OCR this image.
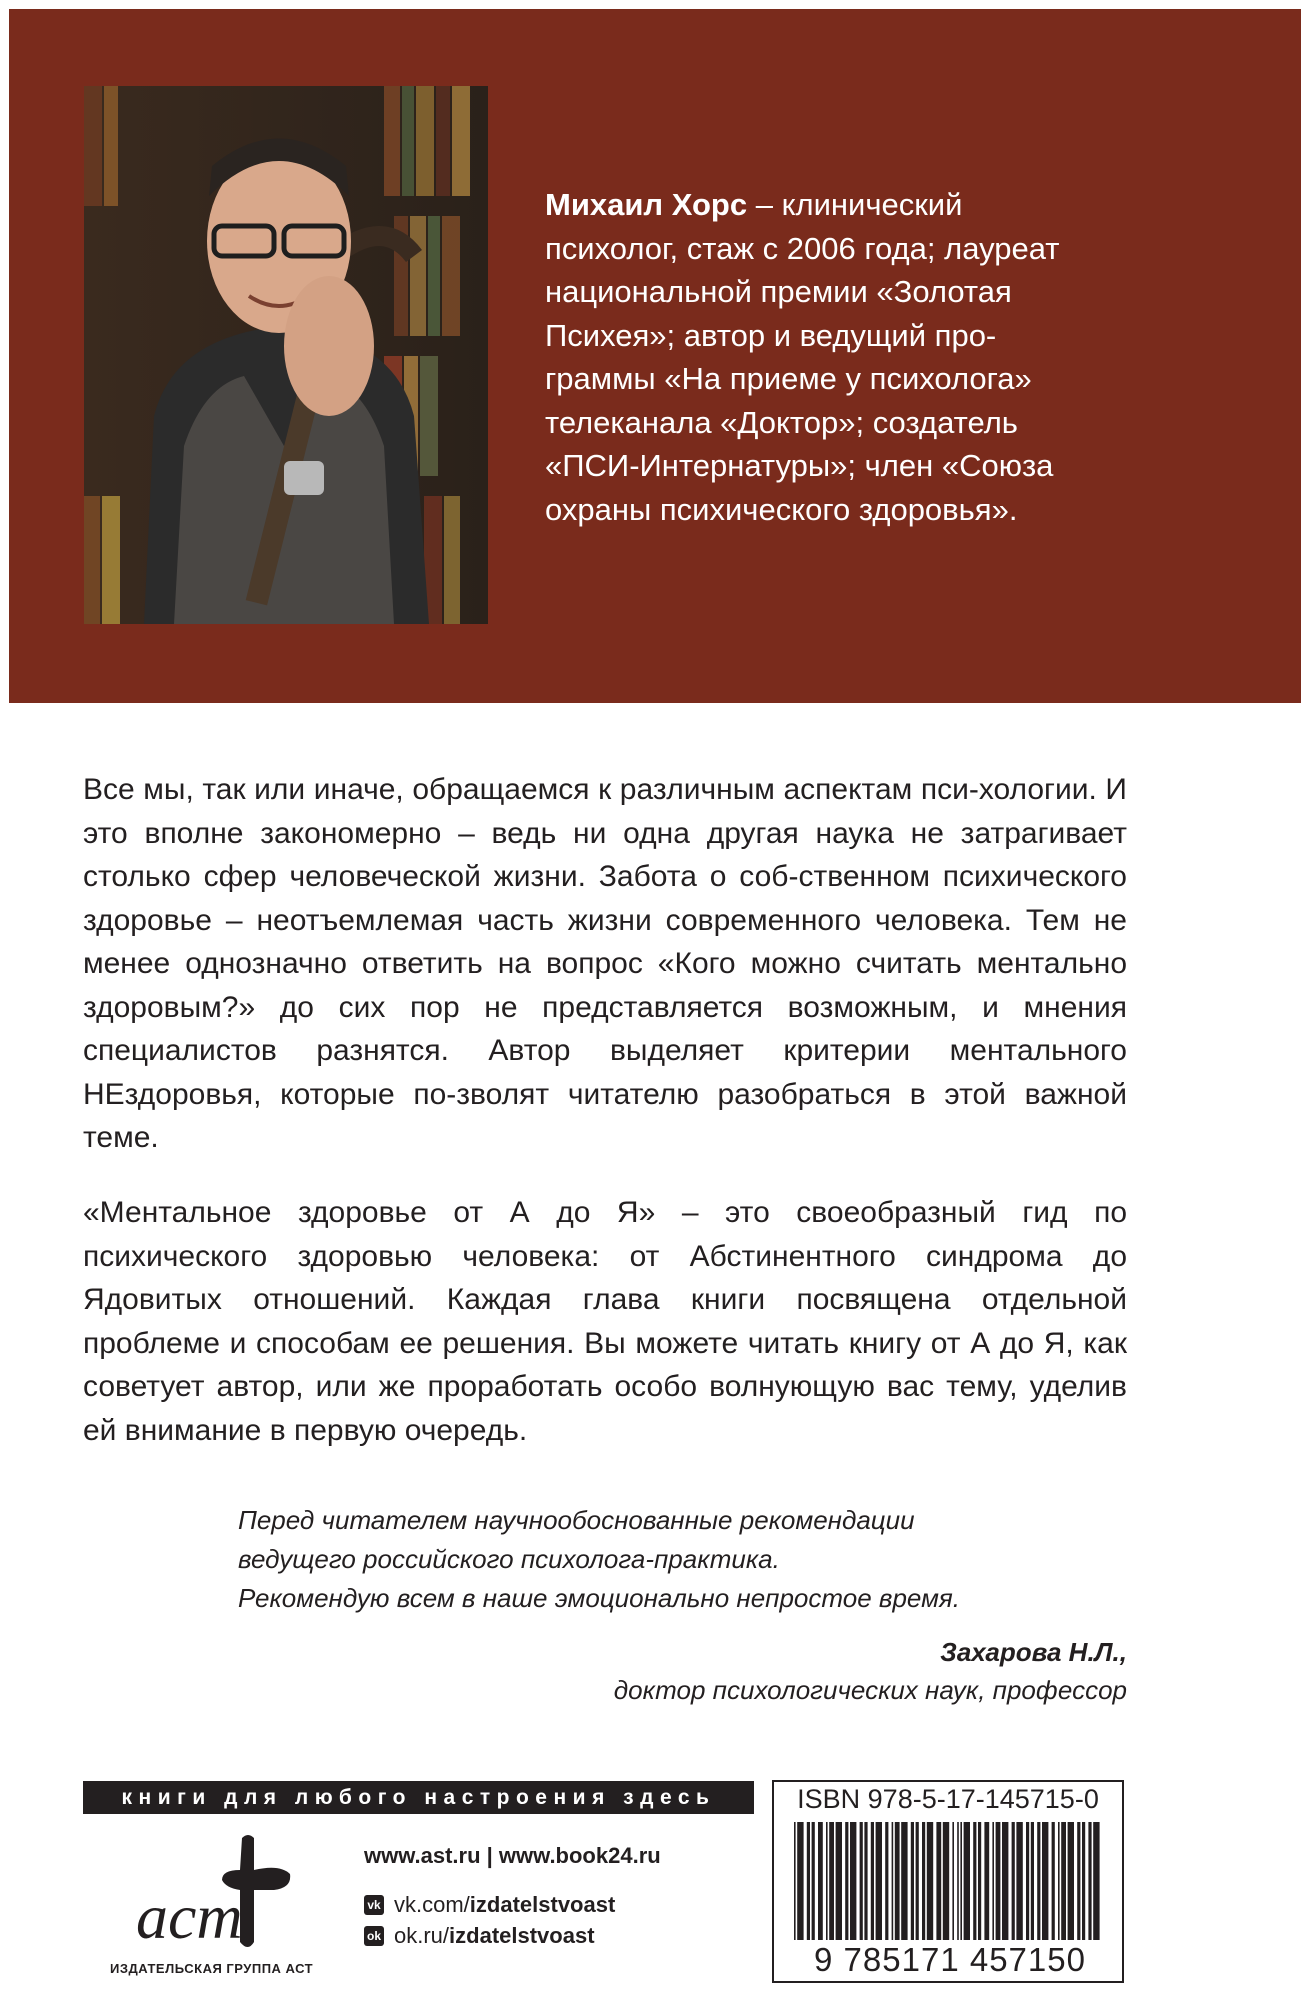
Михаил Хорс – клинический
психолог, стаж с 2006 года; лауреат
национальной премии «Золотая
Психея»; автор и ведущий про-
граммы «На приеме у психолога»
телеканала «Доктор»; создатель
«ПСИ-Интернатуры»; член «Союза
охраны психического здоровья».

Все мы, так или иначе, обращаемся к различным аспектам пси-хологии. И это вполне закономерно – ведь ни одна другая наука не затрагивает столько сфер человеческой жизни. Забота о соб-ственном психического здоровье – неотъемлемая часть жизни современного человека. Тем не менее однозначно ответить на вопрос «Кого можно считать ментально здоровым?» до сих пор не представляется возможным, и мнения специалистов разнятся. Автор выделяет критерии ментального НЕздоровья, которые по-зволят читателю разобраться в этой важной теме.

«Ментальное здоровье от А до Я» – это своеобразный гид по психического здоровью человека: от Абстинентного синдрома до Ядовитых отношений. Каждая глава книги посвящена отдельной проблеме и способам ее решения. Вы можете читать книгу от А до Я, как советует автор, или же проработать особо волнующую вас тему, уделив ей внимание в первую очередь.

Перед читателем научнообоснованные рекомендации
ведущего российского психолога-практика.
Рекомендую всем в наше эмоционально непростое время.
Захарова Н.Л.,
доктор психологических наук, профессор
книги для любого настроения здесь
аст
ИЗДАТЕЛЬСКАЯ ГРУППА АСТ
www.ast.ru | www.book24.ru
vk vk.com/ izdatelstvoast
ok ok.ru/ izdatelstvoast
ISBN 978-5-17-145715-0
9 785171 457150
